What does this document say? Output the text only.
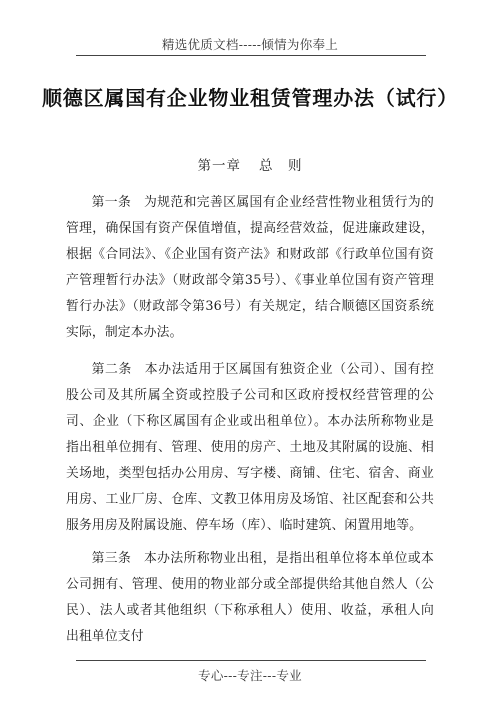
精选优质文档-----倾情为你奉上
顺德区属国有企业物业租赁管理办法（试行）
第一章 总　则

第一条 为规范和完善区属国有企业经营性物业租赁行为的管理，确保国有资产保值增值，提高经营效益，促进廉政建设，根据《合同法》、《企业国有资产法》和财政部《行政单位国有资产管理暂行办法》（财政部令第35号）、《事业单位国有资产管理暂行办法》（财政部令第36号）有关规定，结合顺德区国资系统实际，制定本办法。

第二条 本办法适用于区属国有独资企业（公司）、国有控股公司及其所属全资或控股子公司和区政府授权经营管理的公司、企业（下称区属国有企业或出租单位）。本办法所称物业是指出租单位拥有、管理、使用的房产、土地及其附属的设施、相关场地，类型包括办公用房、写字楼、商铺、住宅、宿舍、商业用房、工业厂房、仓库、文教卫体用房及场馆、社区配套和公共服务用房及附属设施、停车场（库）、临时建筑、闲置用地等。

第三条 本办法所称物业出租，是指出租单位将本单位或本公司拥有、管理、使用的物业部分或全部提供给其他自然人（公民）、法人或者其他组织（下称承租人）使用、收益，承租人向出租单位支付

专心---专注---专业
